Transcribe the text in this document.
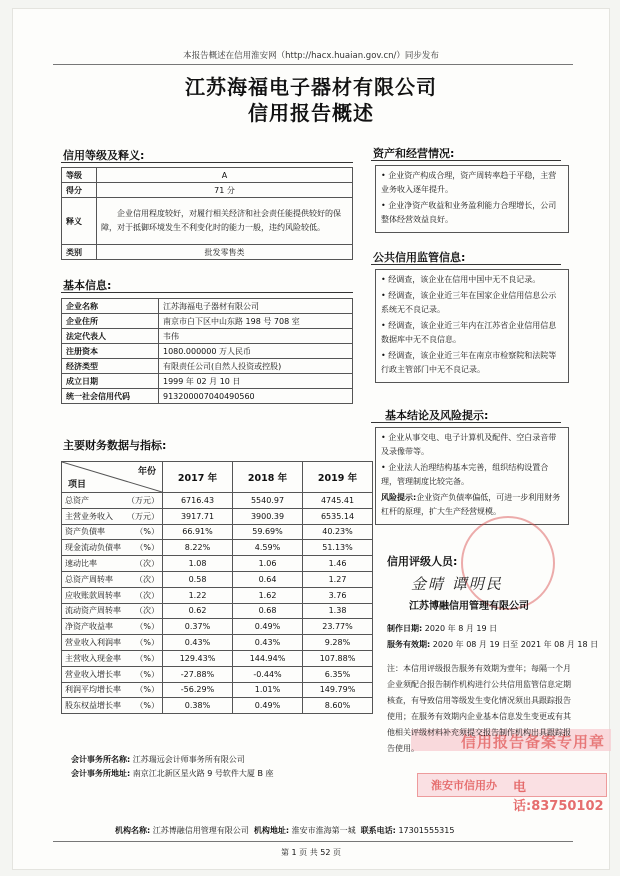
本报告概述在信用淮安网（http://hacx.huaian.gov.cn/）同步发布
江苏海福电子器材有限公司
信用报告概述
信用等级及释义:
等级	A
得分	71 分
释义	企业信用程度较好，对履行相关经济和社会责任能提供较好的保障，对于抵御环境发生不利变化时的能力一般，违约风险较低。
类别	批发零售类
基本信息:
企业名称	江苏海福电子器材有限公司
企业住所	南京市白下区中山东路 198 号 708 室
法定代表人	韦伟
注册资本	1080.000000 万人民币
经济类型	有限责任公司(自然人投资或控股)
成立日期	1999 年 02 月 10 日
统一社会信用代码	913200007040490560
主要财务数据与指标:
年份
项目	2017 年	2018 年	2019 年
总资产 （万元）	6716.43	5540.97	4745.41
主营业务收入 （万元）	3917.71	3900.39	6535.14
资产负债率 （%）	66.91%	59.69%	40.23%
现金流动负债率 （%）	8.22%	4.59%	51.13%
速动比率 （次）	1.08	1.06	1.46
总资产周转率 （次）	0.58	0.64	1.27
应收账款周转率 （次）	1.22	1.62	3.76
流动资产周转率 （次）	0.62	0.68	1.38
净资产收益率 （%）	0.37%	0.49%	23.77%
营业收入利润率 （%）	0.43%	0.43%	9.28%
主营收入现金率 （%）	129.43%	144.94%	107.88%
营业收入增长率 （%）	-27.88%	-0.44%	6.35%
利润平均增长率 （%）	-56.29%	1.01%	149.79%
股东权益增长率 （%）	0.38%	0.49%	8.60%
会计事务所名称: 江苏瑞远会计师事务所有限公司
会计事务所地址: 南京江北新区星火路 9 号软件大厦 B 座
资产和经营情况:

• 企业资产构成合理，资产周转率趋于平稳，主营业务收入逐年提升。

• 企业净资产收益和业务盈利能力合理增长，公司整体经营效益良好。

公共信用监管信息:

• 经调查，该企业在信用中国中无不良记录。

• 经调查，该企业近三年在国家企业信用信息公示系统无不良记录。

• 经调查，该企业近三年内在江苏省企业信用信息数据库中无不良信息。

• 经调查，该企业近三年在南京市检察院和法院等行政主管部门中无不良记录。

基本结论及风险提示:

• 企业从事交电、电子计算机及配件、空白录音带及录像带等。

• 企业法人治理结构基本完善，组织结构设置合理，管理制度比较完备。

风险提示:企业资产负债率偏低，可进一步利用财务杠杆的原理，扩大生产经营规模。

信用评级人员:
金晴 谭明民
江苏博融信用管理有限公司
制作日期: 2020 年 8 月 19 日
服务有效期: 2020 年 08 月 19 日至 2021 年 08 月 18 日
信用报告备案专用章
淮安市信用办 电话:83750102
注：本信用评级报告服务有效期为壹年；每隔一个月企业须配合报告制作机构进行公共信用监管信息定期核查，有导致信用等级发生变化情况须出具跟踪报告使用；在服务有效期内企业基本信息发生变更或有其他相关评级材料补充须提交报告制作机构出具跟踪报告使用。
机构名称: 江苏博融信用管理有限公司 机构地址: 淮安市淮海第一城 联系电话: 17301555315
第 1 页 共 52 页
